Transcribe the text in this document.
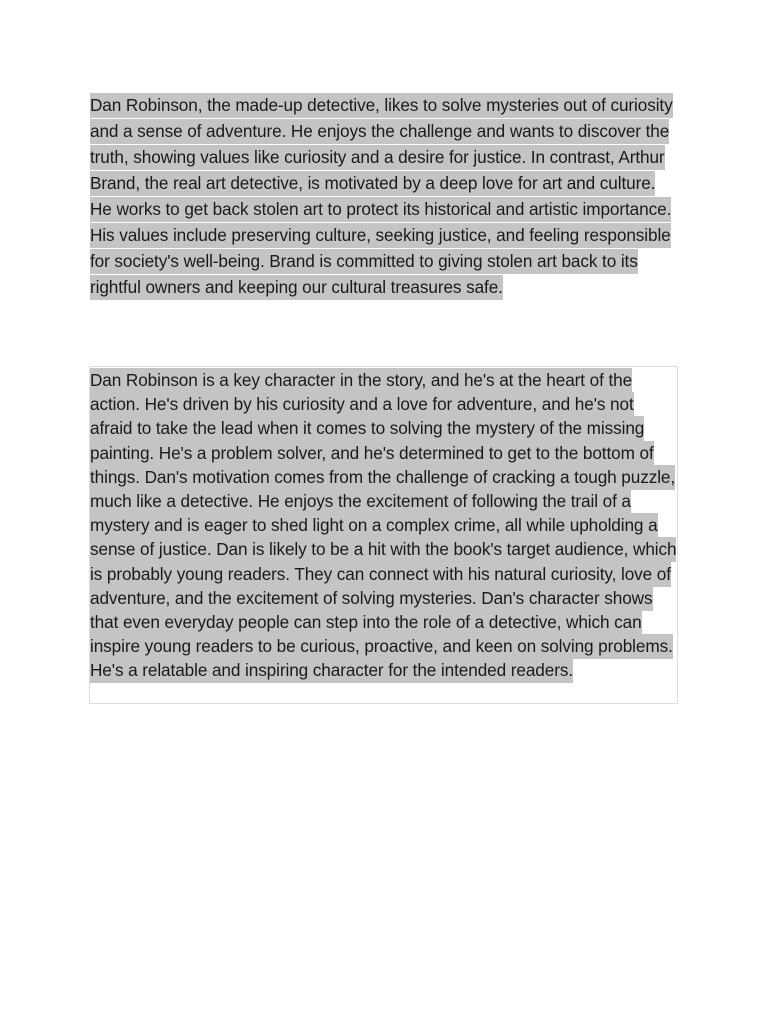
Dan Robinson, the made-up detective, likes to solve mysteries out of curiosity and a sense of adventure. He enjoys the challenge and wants to discover the truth, showing values like curiosity and a desire for justice. In contrast, Arthur Brand, the real art detective, is motivated by a deep love for art and culture. He works to get back stolen art to protect its historical and artistic importance. His values include preserving culture, seeking justice, and feeling responsible for society's well-being. Brand is committed to giving stolen art back to its rightful owners and keeping our cultural treasures safe.

Dan Robinson is a key character in the story, and he's at the heart of the action. He's driven by his curiosity and a love for adventure, and he's not afraid to take the lead when it comes to solving the mystery of the missing painting. He's a problem solver, and he's determined to get to the bottom of things. Dan's motivation comes from the challenge of cracking a tough puzzle, much like a detective. He enjoys the excitement of following the trail of a mystery and is eager to shed light on a complex crime, all while upholding a sense of justice. Dan is likely to be a hit with the book's target audience, which is probably young readers. They can connect with his natural curiosity, love of adventure, and the excitement of solving mysteries. Dan's character shows that even everyday people can step into the role of a detective, which can inspire young readers to be curious, proactive, and keen on solving problems. He's a relatable and inspiring character for the intended readers.
